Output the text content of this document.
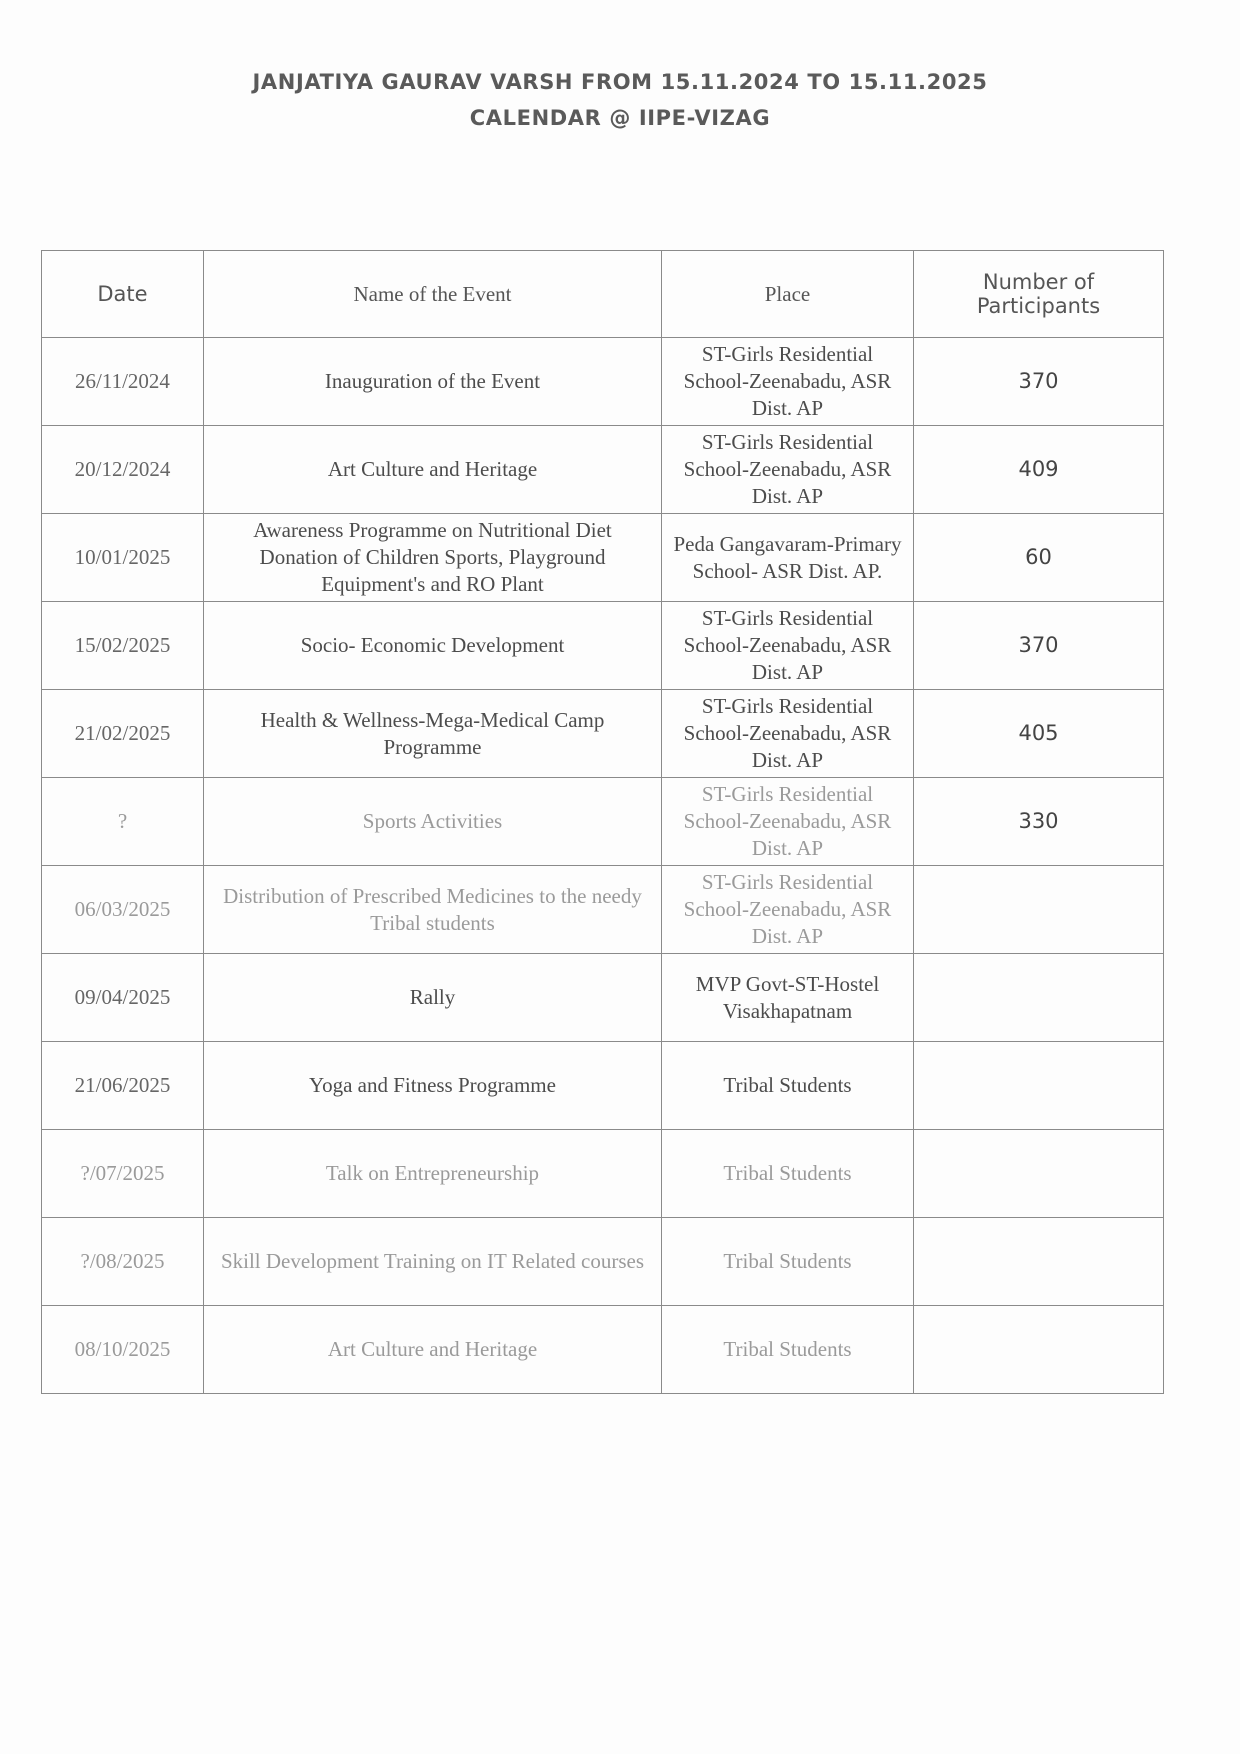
JANJATIYA GAURAV VARSH FROM 15.11.2024 TO 15.11.2025
CALENDAR @ IIPE-VIZAG
Date	Name of the Event	Place	Number of Participants
26/11/2024	Inauguration of the Event	ST-Girls Residential School-Zeenabadu, ASR Dist. AP	370
20/12/2024	Art Culture and Heritage	ST-Girls Residential School-Zeenabadu, ASR Dist. AP	409
10/01/2025	Awareness Programme on Nutritional Diet Donation of Children Sports, Playground Equipment's and RO Plant	Peda Gangavaram-Primary School- ASR Dist. AP.	60
15/02/2025	Socio- Economic Development	ST-Girls Residential School-Zeenabadu, ASR Dist. AP	370
21/02/2025	Health & Wellness-Mega-Medical Camp Programme	ST-Girls Residential School-Zeenabadu, ASR Dist. AP	405
?	Sports Activities	ST-Girls Residential School-Zeenabadu, ASR Dist. AP	330
06/03/2025	Distribution of Prescribed Medicines to the needy Tribal students	ST-Girls Residential School-Zeenabadu, ASR Dist. AP	
09/04/2025	Rally	MVP Govt-ST-Hostel Visakhapatnam	
21/06/2025	Yoga and Fitness Programme	Tribal Students	
?/07/2025	Talk on Entrepreneurship	Tribal Students	
?/08/2025	Skill Development Training on IT Related courses	Tribal Students	
08/10/2025	Art Culture and Heritage	Tribal Students	
